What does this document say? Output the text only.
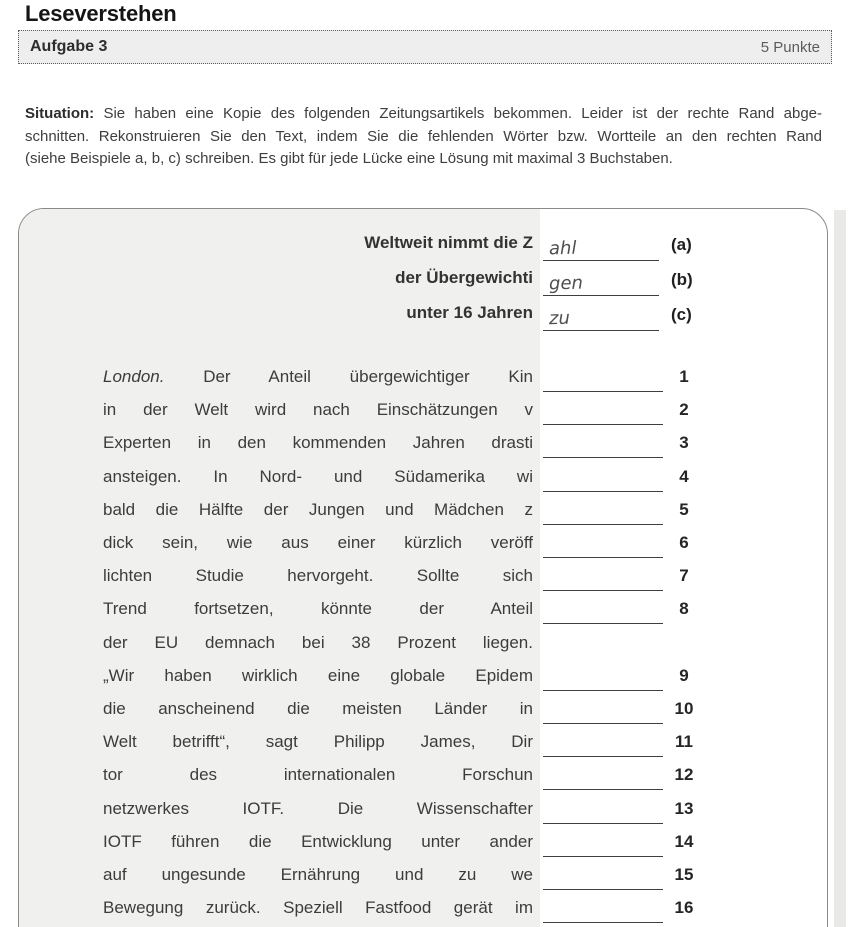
Leseverstehen
Aufgabe 3	5 Punkte
Situation: Sie haben eine Kopie des folgenden Zeitungsartikels bekommen. Leider ist der rechte Rand abge-
schnitten. Rekonstruieren Sie den Text, indem Sie die fehlenden Wörter bzw. Wortteile an den rechten Rand
(siehe Beispiele a, b, c) schreiben. Es gibt für jede Lücke eine Lösung mit maximal 3 Buchstaben.
Weltweit nimmt die Z ahl	(a)
der Übergewichti gen	(b)
unter 16 Jahren zu	(c)
London. Der Anteil übergewichtiger Kin	1
in der Welt wird nach Einschätzungen v	2
Experten in den kommenden Jahren drasti	3
ansteigen. In Nord- und Südamerika wi	4
bald die Hälfte der Jungen und Mädchen z	5
dick sein, wie aus einer kürzlich veröff	6
lichten Studie hervorgeht. Sollte sich	7
Trend fortsetzen, könnte der Anteil	8
der EU demnach bei 38 Prozent liegen.
„Wir haben wirklich eine globale Epidem	9
die anscheinend die meisten Länder in	10
Welt betrifft“, sagt Philipp James, Dir	11
tor des internationalen Forschun	12
netzwerkes IOTF. Die Wissenschafter	13
IOTF führen die Entwicklung unter ander	14
auf ungesunde Ernährung und zu we	15
Bewegung zurück. Speziell Fastfood gerät im	16
